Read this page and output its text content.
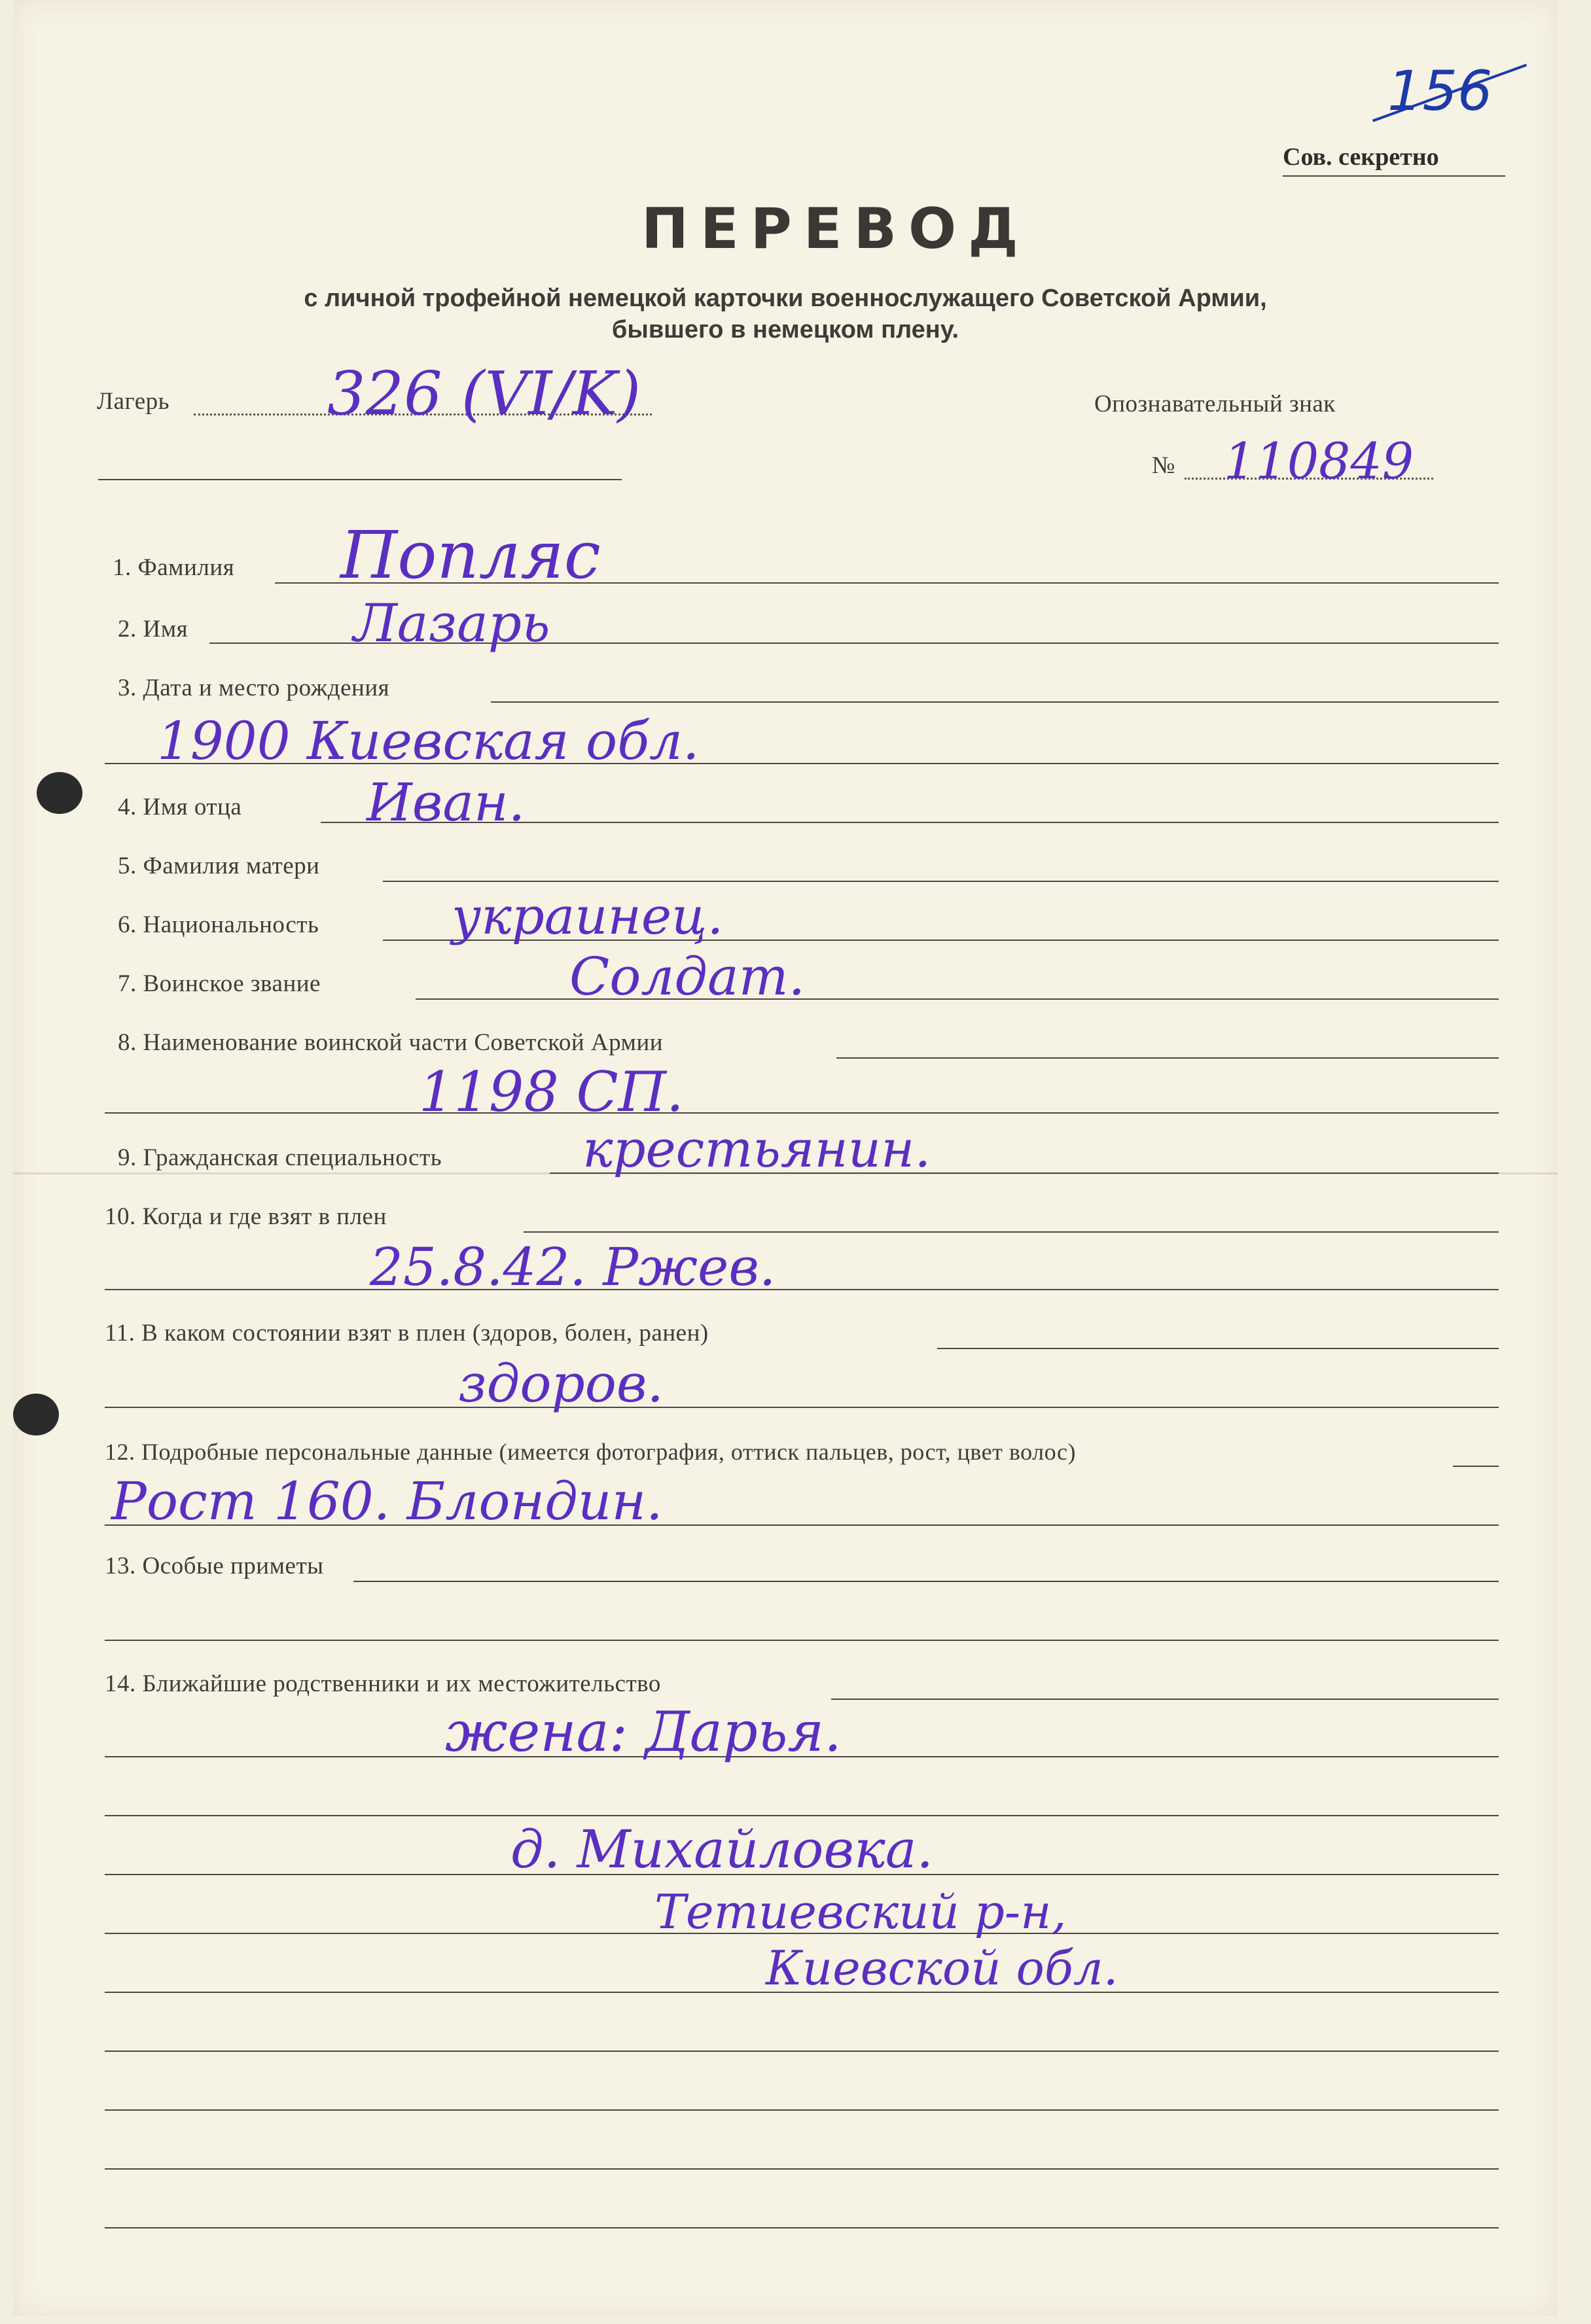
156
Сов. секретно
ПЕРЕВОД
с личной трофейной немецкой карточки военнослужащего Советской Армии,
бывшего в немецком плену.
Лагерь	326 (VI/K)	Опознавательный знак
№ 110849
1. Фамилия Попляс
2. Имя	Лазарь
3. Дата и место рождения
1900 Киевская обл.
4. Имя отца Иван.
5. Фамилия матери
6. Национальность	украинец.
7. Воинское звание	Солдат.
8. Наименование воинской части Советской Армии
1198 СП.
9. Гражданская специальность	крестьянин.
10. Когда и где взят в плен
25.8.42. Ржев.
11. В каком состоянии взят в плен (здоров, болен, ранен)
здоров.
12. Подробные персональные данные (имеется фотография, оттиск пальцев, рост, цвет волос)
Рост 160. Блондин.
13. Особые приметы
14. Ближайшие родственники и их местожительство
жена: Дарья.
д. Михайловка.
Тетиевский р-н,
Киевской обл.
